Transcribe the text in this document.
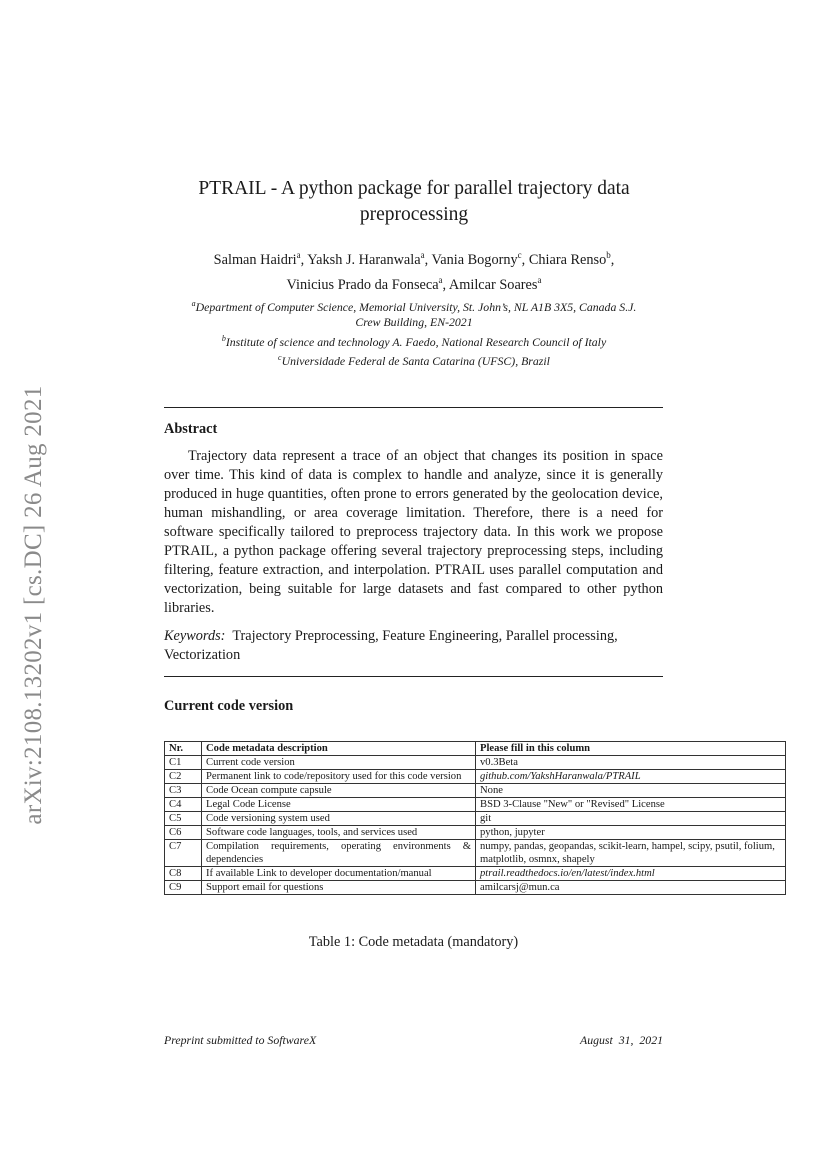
arXiv:2108.13202v1 [cs.DC] 26 Aug 2021
PTRAIL - A python package for parallel trajectory data preprocessing
Salman Haidri$^a$, Yaksh J. Haranwala$^a$, Vania Bogorny$^c$, Chiara Renso$^b$,
Vinicius Prado da Fonseca$^a$, Amilcar Soares$^a$
$^a$Department of Computer Science, Memorial University, St. John’s, NL A1B 3X5, Canada S.J. Crew Building, EN-2021
$^b$Institute of science and technology A. Faedo, National Research Council of Italy
$^c$Universidade Federal de Santa Catarina (UFSC), Brazil
Abstract
Trajectory data represent a trace of an object that changes its position in space over time. This kind of data is complex to handle and analyze, since it is generally produced in huge quantities, often prone to errors generated by the geolocation device, human mishandling, or area coverage limitation. Therefore, there is a need for software specifically tailored to preprocess trajectory data. In this work we propose PTRAIL, a python package offering several trajectory preprocessing steps, including filtering, feature extraction, and interpolation. PTRAIL uses parallel computation and vectorization, being suitable for large datasets and fast compared to other python libraries.
Keywords: Trajectory Preprocessing, Feature Engineering, Parallel processing, Vectorization
Current code version
Nr.	Code metadata description	Please fill in this column
C1	Current code version	v0.3Beta
C2	Permanent link to code/repository used for this code version	github.com/YakshHaranwala/PTRAIL
C3	Code Ocean compute capsule	None
C4	Legal Code License	BSD 3-Clause "New" or "Revised" License
C5	Code versioning system used	git
C6	Software code languages, tools, and services used	python, jupyter
C7	Compilation requirements, operating environments & dependencies	numpy, pandas, geopandas, scikit-learn, hampel, scipy, psutil, folium, matplotlib, osmnx, shapely
C8	If available Link to developer documentation/manual	ptrail.readthedocs.io/en/latest/index.html
C9	Support email for questions	amilcarsj@mun.ca
Table 1: Code metadata (mandatory)
Preprint submitted to SoftwareX	August 31, 2021
